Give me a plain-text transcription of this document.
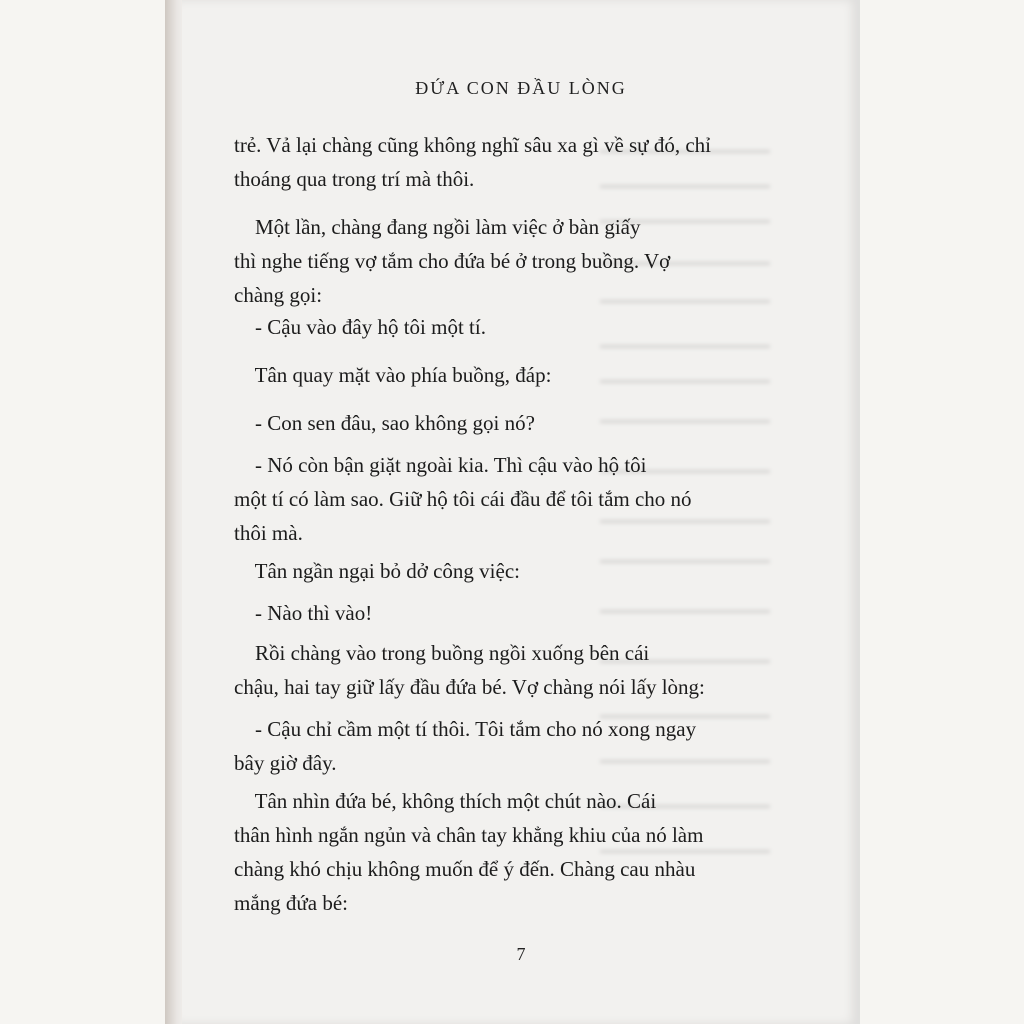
ĐỨA CON ĐẦU LÒNG

trẻ. Vả lại chàng cũng không nghĩ sâu xa gì về sự đó, chỉ

thoáng qua trong trí mà thôi.

Một lần, chàng đang ngồi làm việc ở bàn giấy

thì nghe tiếng vợ tắm cho đứa bé ở trong buồng. Vợ

chàng gọi:

- Cậu vào đây hộ tôi một tí.

Tân quay mặt vào phía buồng, đáp:

- Con sen đâu, sao không gọi nó?

- Nó còn bận giặt ngoài kia. Thì cậu vào hộ tôi

một tí có làm sao. Giữ hộ tôi cái đầu để tôi tắm cho nó

thôi mà.

Tân ngần ngại bỏ dở công việc:

- Nào thì vào!

Rồi chàng vào trong buồng ngồi xuống bên cái

chậu, hai tay giữ lấy đầu đứa bé. Vợ chàng nói lấy lòng:

- Cậu chỉ cầm một tí thôi. Tôi tắm cho nó xong ngay

bây giờ đây.

Tân nhìn đứa bé, không thích một chút nào. Cái

thân hình ngắn ngủn và chân tay khẳng khiu của nó làm

chàng khó chịu không muốn để ý đến. Chàng cau nhàu

mắng đứa bé:

7
